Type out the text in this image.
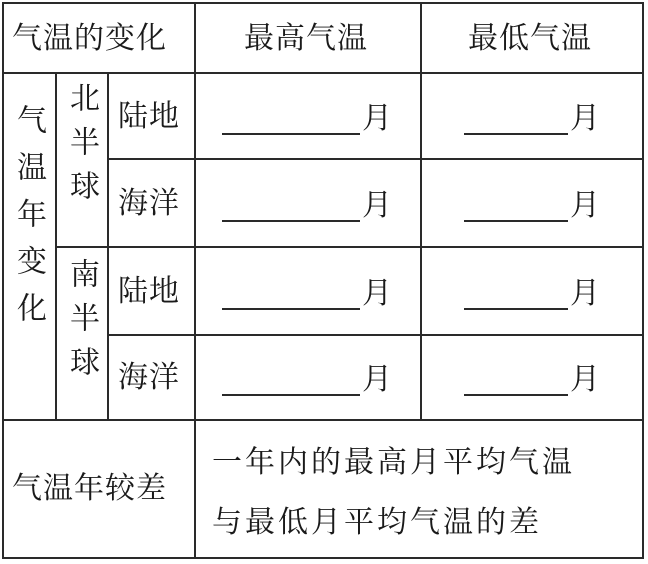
气温的变化	最高气温	最低气温
气温年变化 北半球
南半球
陆地
海洋
陆地
海洋
月
月
月
月
月
月
月
月
气温年较差
一年内的最高月平均气温
与最低月平均气温的差
